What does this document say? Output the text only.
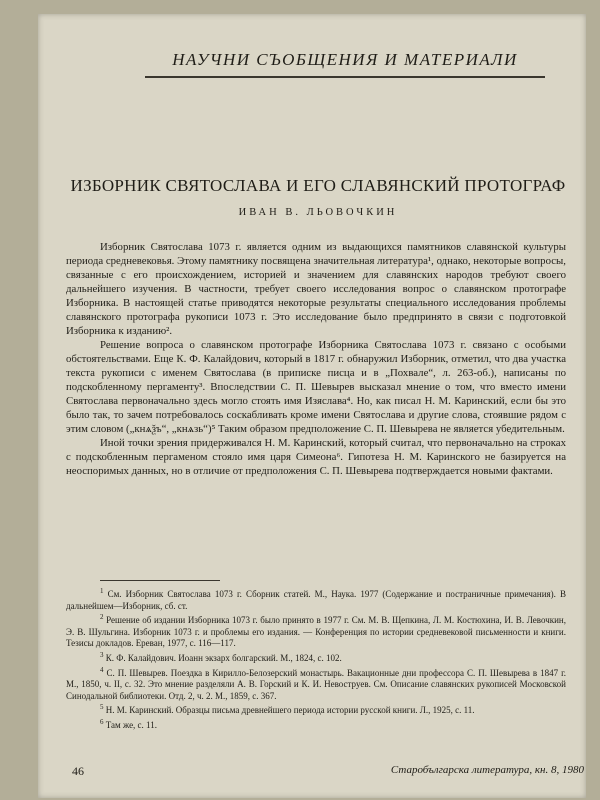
НАУЧНИ СЪОБЩЕНИЯ И МАТЕРИАЛИ
ИЗБОРНИК СВЯТОСЛАВА И ЕГО СЛАВЯНСКИЙ ПРОТОГРАФ
ИВАН В. ЛЬОВОЧКИН

Изборник Святослава 1073 г. является одним из выдающихся памятников славянской культуры периода средневековья. Этому памятнику посвящена значительная литература¹, однако, некоторые вопросы, связанные с его происхождением, историей и значением для славянских народов требуют своего дальнейшего изучения. В частности, требует своего исследования вопрос о славянском протографе Изборника. В настоящей статье приводятся некоторые результаты специального исследования проблемы славянского протографа рукописи 1073 г. Это исследование было предпринято в связи с подготовкой Изборника к изданию².

Решение вопроса о славянском протографе Изборника Святослава 1073 г. связано с особыми обстоятельствами. Еще К. Ф. Калайдович, который в 1817 г. обнаружил Изборник, отметил, что два участка текста рукописи с именем Святослава (в приписке писца и в „Похвале“, л. 263-об.), написаны по подскобленному пергаменту³. Впоследствии С. П. Шевырев высказал мнение о том, что вместо имени Святослава первоначально здесь могло стоять имя Изяслава⁴. Но, как писал Н. М. Каринский, если бы это было так, то зачем потребовалось соскабливать кроме имени Святослава и другие слова, стоявшие рядом с этим словом („кнѧѯъ“, „кнѧзь“)⁵ Таким образом предположение С. П. Шевырева не является убедительным.

Иной точки зрения придерживался Н. М. Каринский, который считал, что первоначально на строках с подскобленным пергаменом стояло имя царя Симеона⁶. Гипотеза Н. М. Каринского не базируется на неоспоримых данных, но в отличие от предположения С. П. Шевырева подтверждается новыми фактами.

$^1$ См. Изборник Святослава 1073 г. Сборник статей. М., Наука. 1977 (Содержание и постраничные примечания). В дальнейшем—Изборник, сб. ст.

$^2$ Решение об издании Изборника 1073 г. было принято в 1977 г. См. М. В. Щепкина, Л. М. Костюхина, И. В. Левочкин, Э. В. Шульгина. Изборник 1073 г. и проблемы его издания. — Конференция по истории средневековой письменности и книги. Тезисы докладов. Ереван, 1977, с. 116—117.

$^3$ К. Ф. Калайдович. Иоанн экзарх болгарский. М., 1824, с. 102.

$^4$ С. П. Шевырев. Поездка в Кирилло-Белозерский монастырь. Вакационные дни профессора С. П. Шевырева в 1847 г. М., 1850, ч. II, с. 32. Это мнение разделяли А. В. Горский и К. И. Невоструев. См. Описание славянских рукописей Московской Синодальной библиотеки. Отд. 2, ч. 2. М., 1859, с. 367.

$^5$ Н. М. Каринский. Образцы письма древнейшего периода истории русской книги. Л., 1925, с. 11.

$^6$ Там же, с. 11.

46	Старобългарска литература, кн. 8, 1980
